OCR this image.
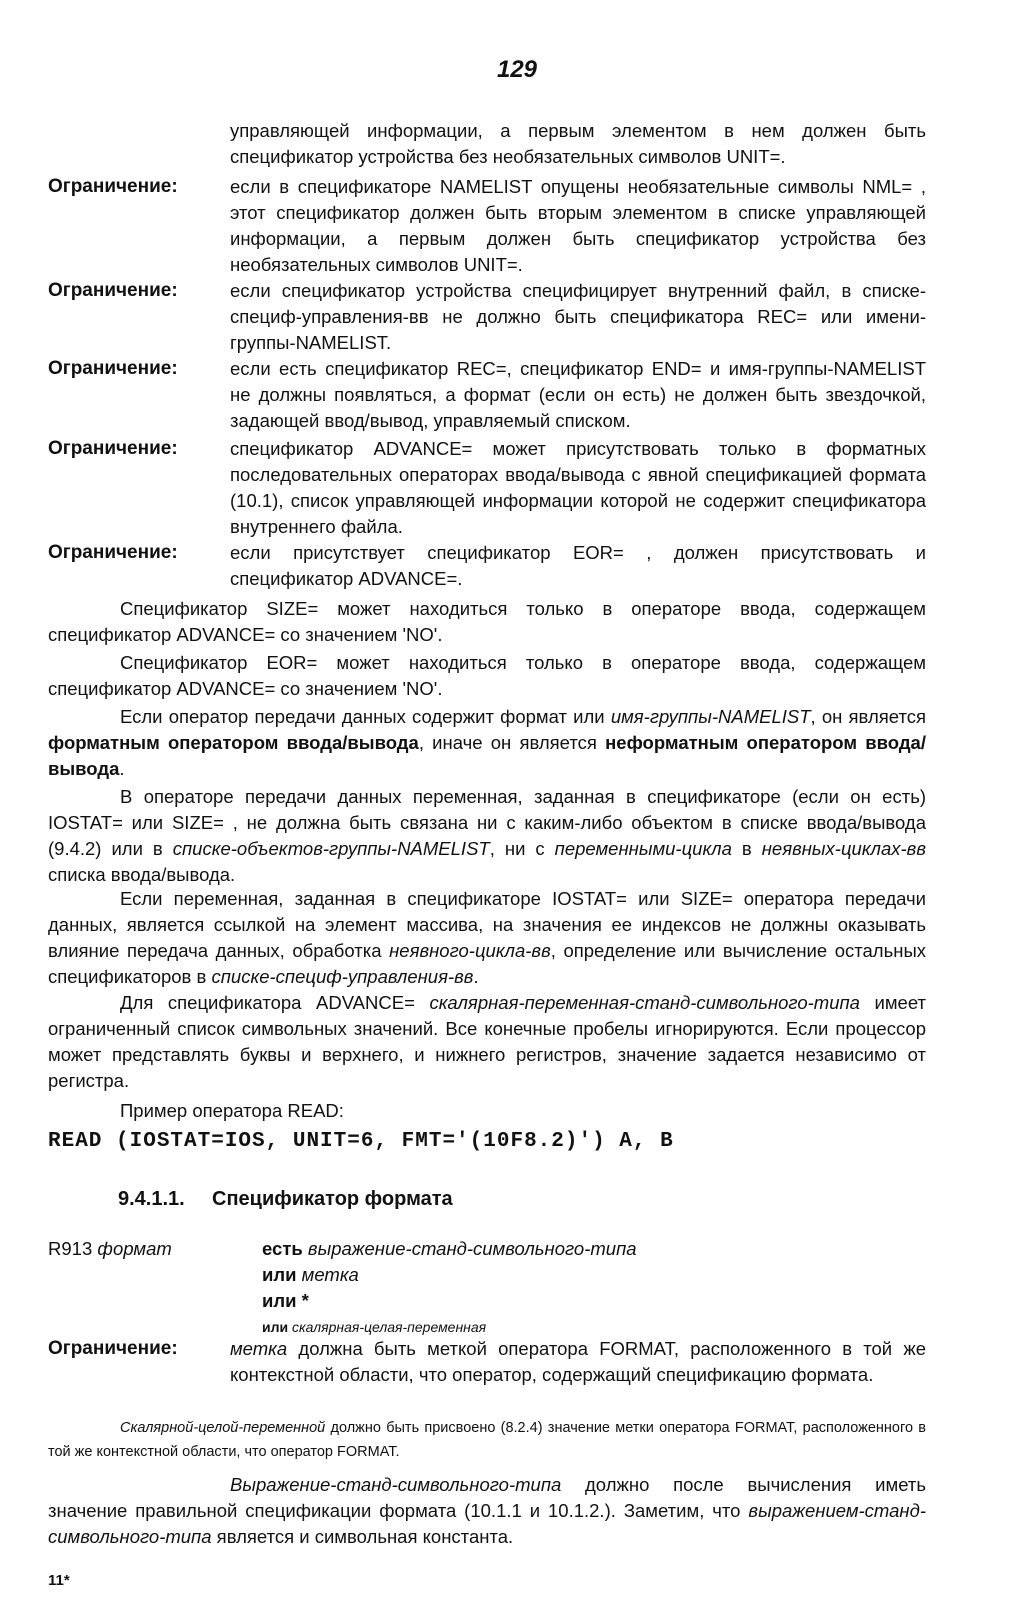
129
управляющей информации, а первым элементом в нем должен быть спецификатор устройства без необязательных символов UNIT=.
Ограничение:	если в спецификаторе NAMELIST опущены необязательные символы NML= , этот спецификатор должен быть вторым элементом в списке управляющей информации, а первым должен быть спецификатор устройства без необязательных символов UNIT=.
Ограничение:	если спецификатор устройства специфицирует внутренний файл, в списке-специф-управления-вв не должно быть спецификатора REC= или имени-группы-NAMELIST.
Ограничение:	если есть спецификатор REC=, спецификатор END= и имя-группы-NAMELIST не должны появляться, а формат (если он есть) не должен быть звездочкой, задающей ввод/вывод, управляемый списком.
Ограничение:	спецификатор ADVANCE= может присутствовать только в форматных последовательных операторах ввода/вывода с явной спецификацией формата (10.1), список управляющей информации которой не содержит спецификатора внутреннего файла.
Ограничение:	если присутствует спецификатор EOR= , должен присутствовать и спецификатор ADVANCE=.
Спецификатор SIZE= может находиться только в операторе ввода, содержащем спецификатор ADVANCE= со значением 'NO'.
Спецификатор EOR= может находиться только в операторе ввода, содержащем спецификатор ADVANCE= со значением 'NO'.
Если оператор передачи данных содержит формат или имя-группы-NAMELIST, он является форматным оператором ввода/вывода, иначе он является неформатным оператором ввода/вывода.
В операторе передачи данных переменная, заданная в спецификаторе (если он есть) IOSTAT= или SIZE= , не должна быть связана ни с каким-либо объектом в списке ввода/вывода (9.4.2) или в списке-объектов-группы-NAMELIST, ни с переменными-цикла в неявных-циклах-вв списка ввода/вывода.
Если переменная, заданная в спецификаторе IOSTAT= или SIZE= оператора передачи данных, является ссылкой на элемент массива, на значения ее индексов не должны оказывать влияние передача данных, обработка неявного-цикла-вв, определение или вычисление остальных спецификаторов в списке-специф-управления-вв.
Для спецификатора ADVANCE= скалярная-переменная-станд-символьного-типа имеет ограниченный список символьных значений. Все конечные пробелы игнорируются. Если процессор может представлять буквы и верхнего, и нижнего регистров, значение задается независимо от регистра.
Пример оператора READ:
READ (IOSTAT=IOS, UNIT=6, FMT='(10F8.2)') A, B
9.4.1.1. Спецификатор формата
R913 формат	есть выражение-станд-символьного-типа
или метка
или *
или скалярная-целая-переменная
Ограничение:	метка должна быть меткой оператора FORMAT, расположенного в той же контекстной области, что оператор, содержащий спецификацию формата.
Скалярной-целой-переменной должно быть присвоено (8.2.4) значение метки оператора FORMAT, расположенного в той же контекстной области, что оператор FORMAT.
Выражение-станд-символьного-типа должно после вычисления иметь значение правильной спецификации формата (10.1.1 и 10.1.2.). Заметим, что выражением-станд-символьного-типа является и символьная константа.
11*
